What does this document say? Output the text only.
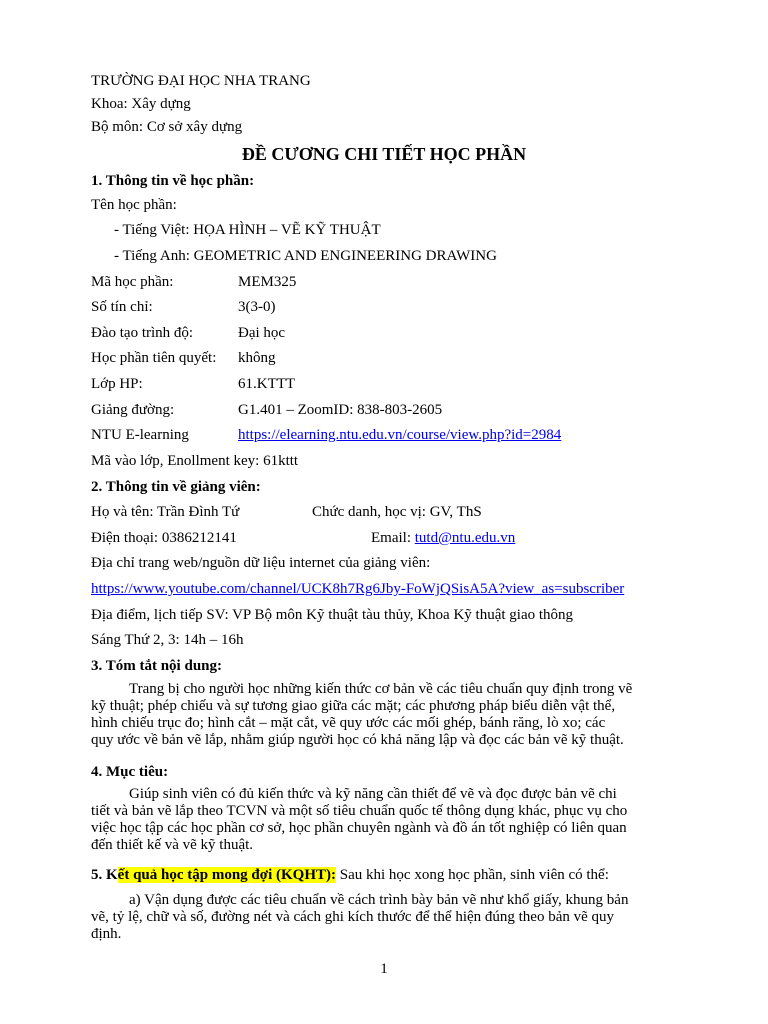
TRƯỜNG ĐẠI HỌC NHA TRANG
Khoa: Xây dựng
Bộ môn: Cơ sở xây dựng
ĐỀ CƯƠNG CHI TIẾT HỌC PHẦN
1. Thông tin về học phần:
Tên học phần:
- Tiếng Việt: HỌA HÌNH – VẼ KỸ THUẬT
- Tiếng Anh: GEOMETRIC AND ENGINEERING DRAWING
Mã học phần:	MEM325
Số tín chỉ:	3(3-0)
Đào tạo trình độ:	Đại học
Học phần tiên quyết: không
Lớp HP:	61.KTTT
Giảng đường:	G1.401 – ZoomID: 838-803-2605
NTU E-learning	https://elearning.ntu.edu.vn/course/view.php?id=2984
Mã vào lớp, Enollment key: 61kttt
2. Thông tin về giảng viên:
Họ và tên: Trần Đình Tứ	Chức danh, học vị: GV, ThS
Điện thoại: 0386212141	Email: tutd@ntu.edu.vn
Địa chỉ trang web/nguồn dữ liệu internet của giảng viên:
https://www.youtube.com/channel/UCK8h7Rg6Jby-FoWjQSisA5A?view_as=subscriber
Địa điểm, lịch tiếp SV: VP Bộ môn Kỹ thuật tàu thủy, Khoa Kỹ thuật giao thông
Sáng Thứ 2, 3: 14h – 16h
3. Tóm tắt nội dung:
Trang bị cho người học những kiến thức cơ bản về các tiêu chuẩn quy định trong vẽ
kỹ thuật; phép chiếu và sự tương giao giữa các mặt; các phương pháp biểu diễn vật thể,
hình chiếu trục đo; hình cắt – mặt cắt, vẽ quy ước các mối ghép, bánh răng, lò xo; các
quy ước về bản vẽ lắp, nhằm giúp người học có khả năng lập và đọc các bản vẽ kỹ thuật.
4. Mục tiêu:
Giúp sinh viên có đủ kiến thức và kỹ năng cần thiết để vẽ và đọc được bản vẽ chi
tiết và bản vẽ lắp theo TCVN và một số tiêu chuẩn quốc tế thông dụng khác, phục vụ cho
việc học tập các học phần cơ sở, học phần chuyên ngành và đồ án tốt nghiệp có liên quan
đến thiết kế và vẽ kỹ thuật.
5. Kết quả học tập mong đợi (KQHT): Sau khi học xong học phần, sinh viên có thể:
a) Vận dụng được các tiêu chuẩn về cách trình bày bản vẽ như khổ giấy, khung bản
vẽ, tỷ lệ, chữ và số, đường nét và cách ghi kích thước để thể hiện đúng theo bản vẽ quy
định.
1
